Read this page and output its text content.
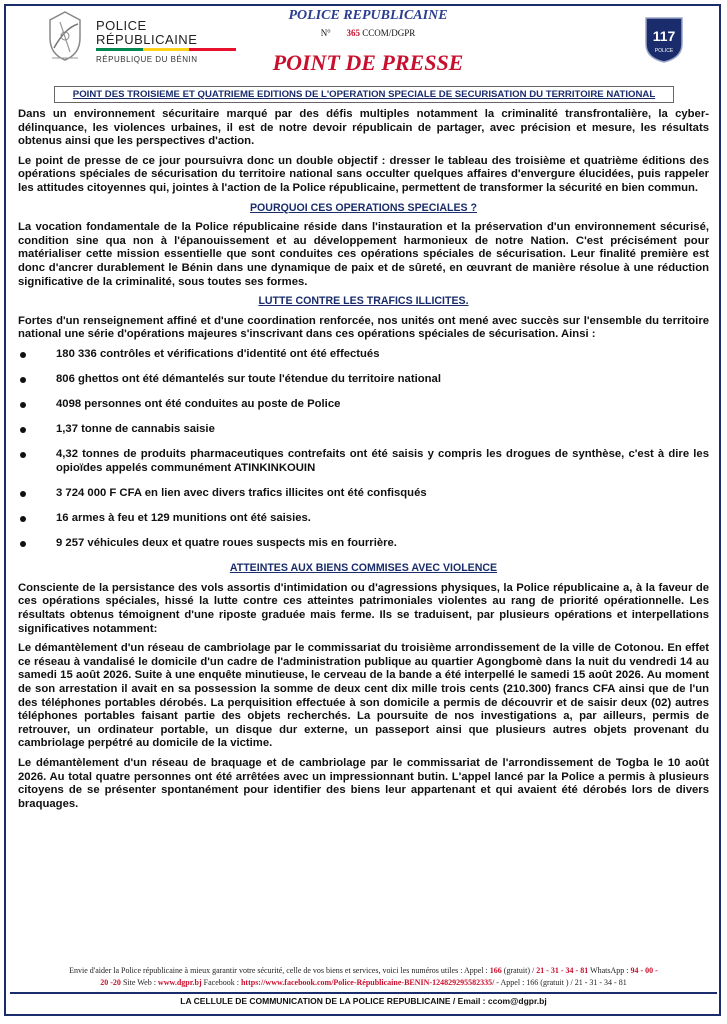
POLICE
RÉPUBLICAINE
RÉPUBLIQUE DU BÉNIN
POLICE REPUBLICAINE
N° 365 CCOM/DGPR
POINT DE PRESSE
117
POLICE
POINT DES TROISIEME ET QUATRIEME EDITIONS DE L'OPERATION SPECIALE DE SECURISATION DU TERRITOIRE NATIONAL

Dans un environnement sécuritaire marqué par des défis multiples notamment la criminalité transfrontalière, la cyber-délinquance, les violences urbaines, il est de notre devoir républicain de partager, avec précision et mesure, les résultats obtenus ainsi que les perspectives d'action.

Le point de presse de ce jour poursuivra donc un double objectif : dresser le tableau des troisième et quatrième éditions des opérations spéciales de sécurisation du territoire national sans occulter quelques affaires d'envergure élucidées, puis rappeler les attitudes citoyennes qui, jointes à l'action de la Police républicaine, permettent de transformer la sécurité en bien commun.

POURQUOI CES OPERATIONS SPECIALES ?

La vocation fondamentale de la Police républicaine réside dans l'instauration et la préservation d'un environnement sécurisé, condition sine qua non à l'épanouissement et au développement harmonieux de notre Nation. C'est précisément pour matérialiser cette mission essentielle que sont conduites ces opérations spéciales de sécurisation. Leur finalité première est donc d'ancrer durablement le Bénin dans une dynamique de paix et de sûreté, en œuvrant de manière résolue à une réduction significative de la criminalité, sous toutes ses formes.

LUTTE CONTRE LES TRAFICS ILLICITES.

Fortes d'un renseignement affiné et d'une coordination renforcée, nos unités ont mené avec succès sur l'ensemble du territoire national une série d'opérations majeures s'inscrivant dans ces opérations spéciales de sécurisation. Ainsi :

180 336 contrôles et vérifications d'identité ont été effectués
806 ghettos ont été démantelés sur toute l'étendue du territoire national
4098 personnes ont été conduites au poste de Police
1,37 tonne de cannabis saisie
4,32 tonnes de produits pharmaceutiques contrefaits ont été saisis y compris les drogues de synthèse, c'est à dire les opioïdes appelés communément ATINKINKOUIN
3 724 000 F CFA en lien avec divers trafics illicites ont été confisqués
16 armes à feu et 129 munitions ont été saisies.
9 257 véhicules deux et quatre roues suspects mis en fourrière.
ATTEINTES AUX BIENS COMMISES AVEC VIOLENCE

Consciente de la persistance des vols assortis d'intimidation ou d'agressions physiques, la Police républicaine a, à la faveur de ces opérations spéciales, hissé la lutte contre ces atteintes patrimoniales violentes au rang de priorité opérationnelle. Les résultats obtenus témoignent d'une riposte graduée mais ferme. Ils se traduisent, par plusieurs opérations et interpellations significatives notamment:

Le démantèlement d'un réseau de cambriolage par le commissariat du troisième arrondissement de la ville de Cotonou. En effet ce réseau à vandalisé le domicile d'un cadre de l'administration publique au quartier Agongbomè dans la nuit du vendredi 14 au samedi 15 août 2026. Suite à une enquête minutieuse, le cerveau de la bande a été interpellé le samedi 15 août 2026. Au moment de son arrestation il avait en sa possession la somme de deux cent dix mille trois cents (210.300) francs CFA ainsi que de l'un des téléphones portables dérobés. La perquisition effectuée à son domicile a permis de découvrir et de saisir deux (02) autres téléphones portables faisant partie des objets recherchés. La poursuite de nos investigations a, par ailleurs, permis de retrouver, un ordinateur portable, un disque dur externe, un passeport ainsi que plusieurs autres objets provenant du cambriolage perpétré au domicile de la victime.

Le démantèlement d'un réseau de braquage et de cambriolage par le commissariat de l'arrondissement de Togba le 10 août 2026. Au total quatre personnes ont été arrêtées avec un impressionnant butin. L'appel lancé par la Police a permis à plusieurs citoyens de se présenter spontanément pour identifier des biens leur appartenant et qui avaient été dérobés lors de divers braquages.

Envie d'aider la Police républicaine à mieux garantir votre sécurité, celle de vos biens et services, voici les numéros utiles : Appel : 166 (gratuit) / 21 - 31 - 34 - 81 WhatsApp : 94 - 00 -
20 -20 Site Web : www.dgpr.bj Facebook : https://www.facebook.com/Police-Républicaine-BENIN-124829295582335/ - Appel : 166 (gratuit ) / 21 - 31 - 34 - 81
LA CELLULE DE COMMUNICATION DE LA POLICE REPUBLICAINE / Email : ccom@dgpr.bj
